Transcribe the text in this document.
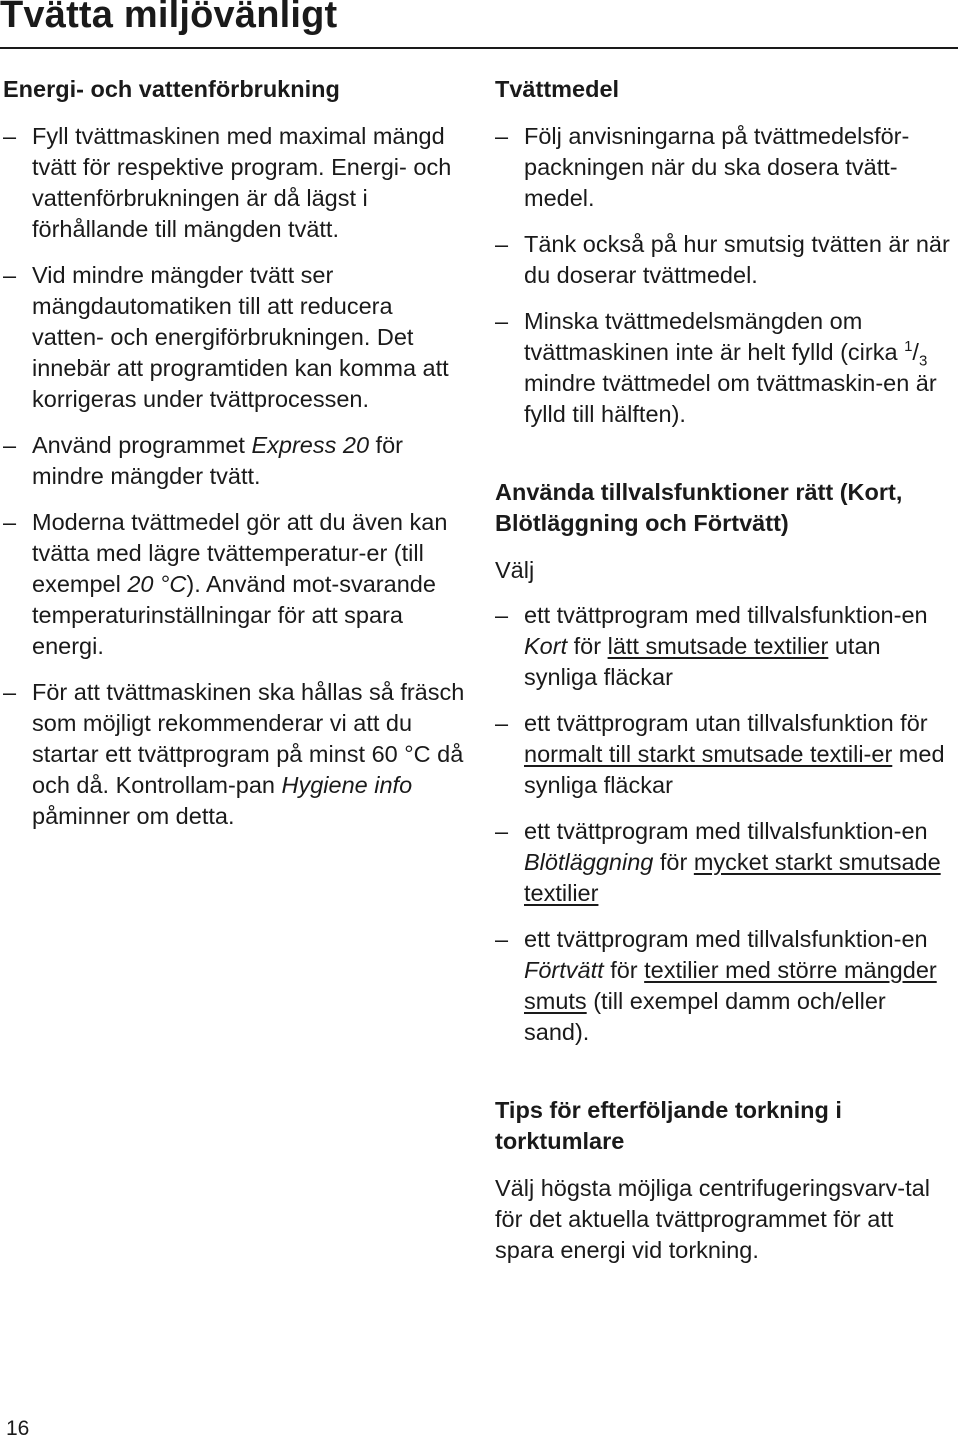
Tvätta miljövänligt
Energi- och vattenförbrukning
– Fyll tvättmaskinen med maximal mängd tvätt för respektive program. Energi- och vattenförbrukningen är då lägst i förhållande till mängden tvätt.
– Vid mindre mängder tvätt ser mängdautomatiken till att reducera vatten- och energiförbrukningen. Det innebär att programtiden kan komma att korrigeras under tvättprocessen.
– Använd programmet Express 20 för mindre mängder tvätt.
– Moderna tvättmedel gör att du även kan tvätta med lägre tvättemperatur-er (till exempel 20 °C). Använd mot-svarande temperaturinställningar för att spara energi.
– För att tvättmaskinen ska hållas så fräsch som möjligt rekommenderar vi att du startar ett tvättprogram på minst 60 °C då och då. Kontrollam-pan Hygiene info påminner om detta.
Tvättmedel
– Följ anvisningarna på tvättmedelsför-packningen när du ska dosera tvätt-medel.
– Tänk också på hur smutsig tvätten är när du doserar tvättmedel.
– Minska tvättmedelsmängden om tvättmaskinen inte är helt fylld (cirka $^1/_3$ mindre tvättmedel om tvättmaskin-en är fylld till hälften).
Använda tillvalsfunktioner rätt (Kort, Blötläggning och Förtvätt)
Välj
– ett tvättprogram med tillvalsfunktion-en Kort för lätt smutsade textilier utan synliga fläckar
– ett tvättprogram utan tillvalsfunktion för normalt till starkt smutsade textili-er med synliga fläckar
– ett tvättprogram med tillvalsfunktion-en Blötläggning för mycket starkt smutsade textilier
– ett tvättprogram med tillvalsfunktion-en Förtvätt för textilier med större mängder smuts (till exempel damm och/eller sand).
Tips för efterföljande torkning i torktumlare
Välj högsta möjliga centrifugeringsvarv-tal för det aktuella tvättprogrammet för att spara energi vid torkning.
16
